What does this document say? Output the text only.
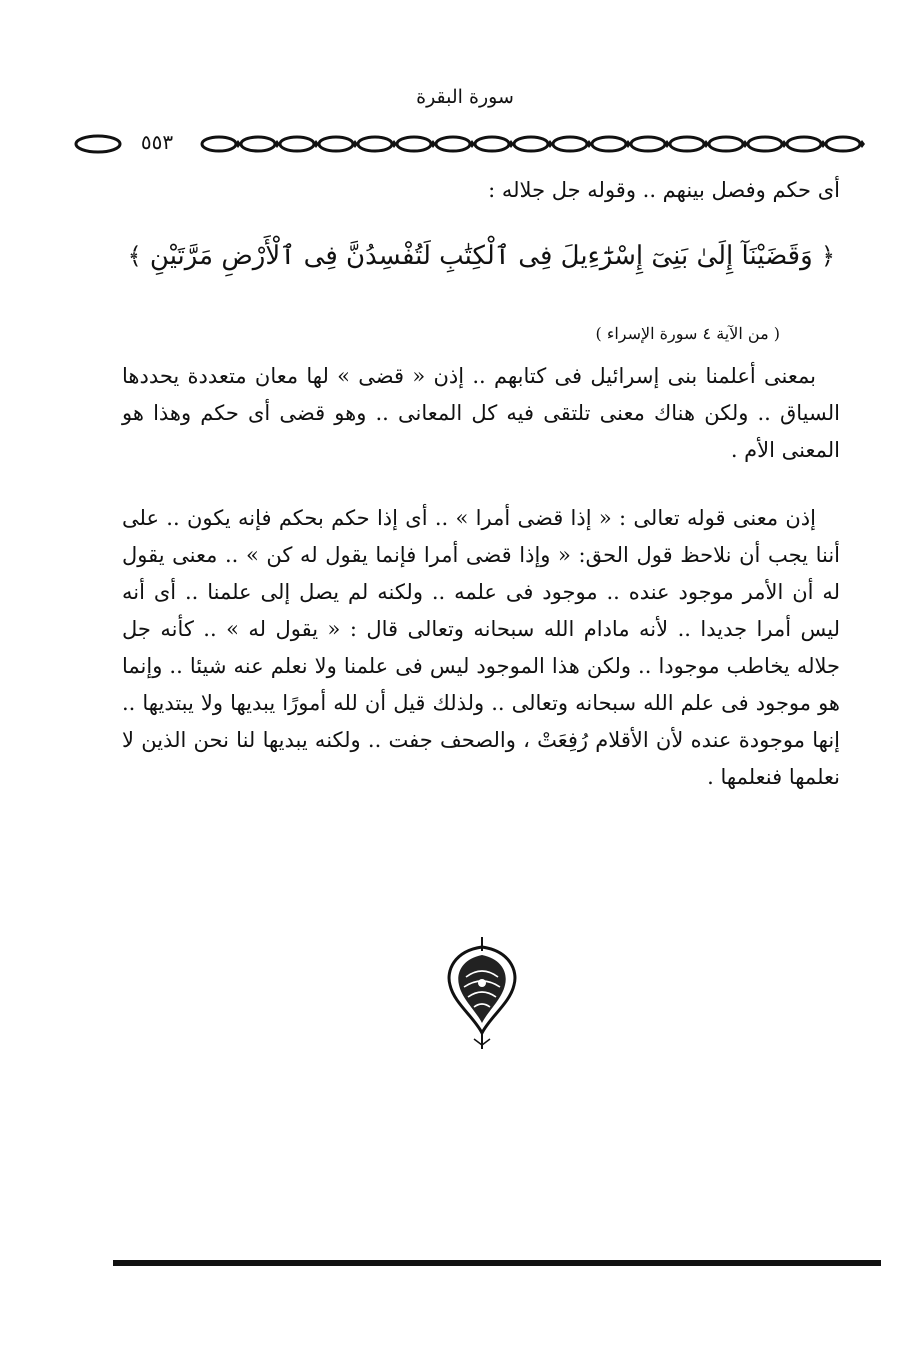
سورة البقرة
٥٥٣
أى حكم وفصل بينهم .. وقوله جل جلاله :
﴿ وَقَضَيْنَآ إِلَىٰ بَنِىٓ إِسْرَٰٓءِيلَ فِى ٱلْكِتَٰبِ لَتُفْسِدُنَّ فِى ٱلْأَرْضِ مَرَّتَيْنِ ﴾
( من الآية ٤ سورة الإسراء )
بمعنى أعلمنا بنى إسرائيل فى كتابهم .. إذن « قضى » لها معان متعددة يحددها السياق .. ولكن هناك معنى تلتقى فيه كل المعانى .. وهو قضى أى حكم وهذا هو المعنى الأم .
إذن معنى قوله تعالى : « إذا قضى أمرا » .. أى إذا حكم بحكم فإنه يكون .. على أننا يجب أن نلاحظ قول الحق: « وإذا قضى أمرا فإنما يقول له كن » .. معنى يقول له أن الأمر موجود عنده .. موجود فى علمه .. ولكنه لم يصل إلى علمنا .. أى أنه ليس أمرا جديدا .. لأنه مادام الله سبحانه وتعالى قال : « يقول له » .. كأنه جل جلاله يخاطب موجودا .. ولكن هذا الموجود ليس فى علمنا ولا نعلم عنه شيئا .. وإنما هو موجود فى علم الله سبحانه وتعالى .. ولذلك قيل أن لله أمورًا يبديها ولا يبتديها .. إنها موجودة عنده لأن الأقلام رُفِعَتْ ، والصحف جفت .. ولكنه يبديها لنا نحن الذين لا نعلمها فنعلمها .
